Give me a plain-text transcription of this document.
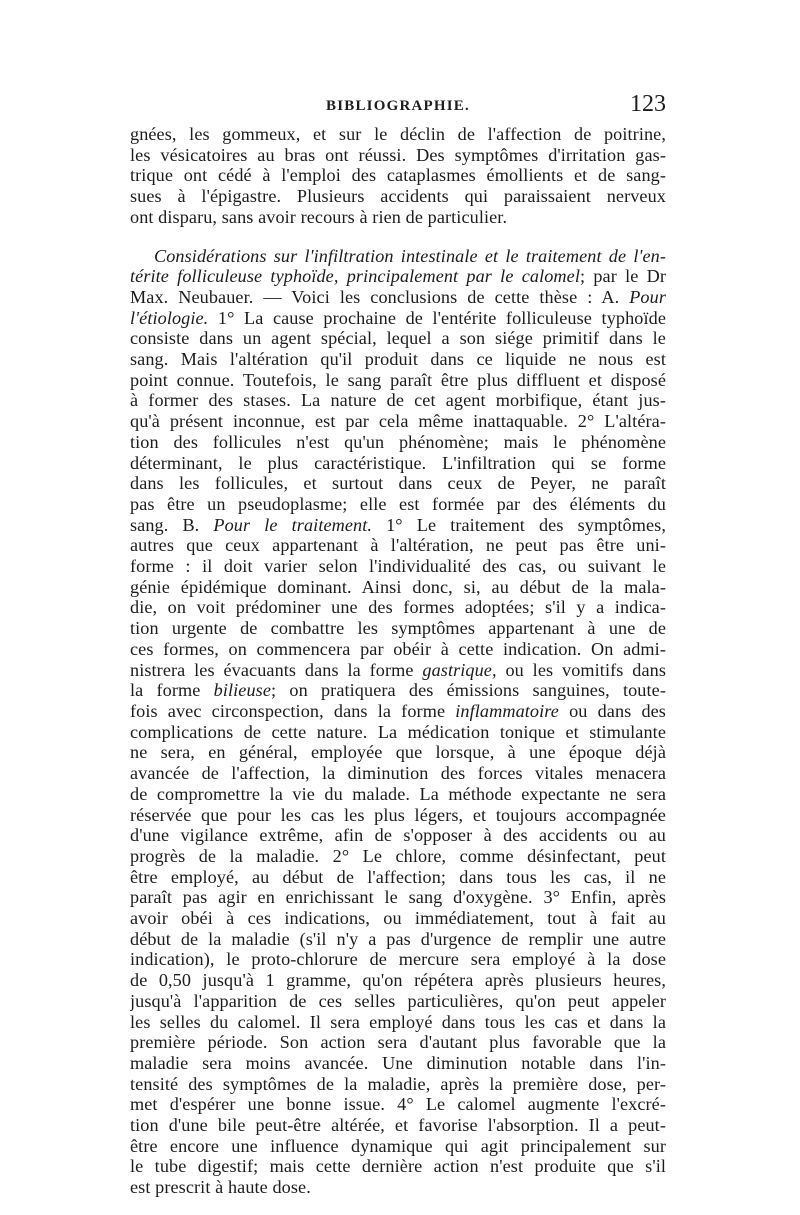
BIBLIOGRAPHIE.	123
gnées, les gommeux, et sur le déclin de l'affection de poitrine,
les vésicatoires au bras ont réussi. Des symptômes d'irritation gas-
trique ont cédé à l'emploi des cataplasmes émollients et de sang-
sues à l'épigastre. Plusieurs accidents qui paraissaient nerveux
ont disparu, sans avoir recours à rien de particulier.
Considérations sur l'infiltration intestinale et le traitement de l'en-
térite folliculeuse typhoïde, principalement par le calomel; par le Dr
Max. Neubauer. — Voici les conclusions de cette thèse : A. Pour
l'étiologie. 1° La cause prochaine de l'entérite folliculeuse typhoïde
consiste dans un agent spécial, lequel a son siége primitif dans le
sang. Mais l'altération qu'il produit dans ce liquide ne nous est
point connue. Toutefois, le sang paraît être plus diffluent et disposé
à former des stases. La nature de cet agent morbifique, étant jus-
qu'à présent inconnue, est par cela même inattaquable. 2° L'altéra-
tion des follicules n'est qu'un phénomène; mais le phénomène
déterminant, le plus caractéristique. L'infiltration qui se forme
dans les follicules, et surtout dans ceux de Peyer, ne paraît
pas être un pseudoplasme; elle est formée par des éléments du
sang. B. Pour le traitement. 1° Le traitement des symptômes,
autres que ceux appartenant à l'altération, ne peut pas être uni-
forme : il doit varier selon l'individualité des cas, ou suivant le
génie épidémique dominant. Ainsi donc, si, au début de la mala-
die, on voit prédominer une des formes adoptées; s'il y a indica-
tion urgente de combattre les symptômes appartenant à une de
ces formes, on commencera par obéir à cette indication. On admi-
nistrera les évacuants dans la forme gastrique, ou les vomitifs dans
la forme bilieuse; on pratiquera des émissions sanguines, toute-
fois avec circonspection, dans la forme inflammatoire ou dans des
complications de cette nature. La médication tonique et stimulante
ne sera, en général, employée que lorsque, à une époque déjà
avancée de l'affection, la diminution des forces vitales menacera
de compromettre la vie du malade. La méthode expectante ne sera
réservée que pour les cas les plus légers, et toujours accompagnée
d'une vigilance extrême, afin de s'opposer à des accidents ou au
progrès de la maladie. 2° Le chlore, comme désinfectant, peut
être employé, au début de l'affection; dans tous les cas, il ne
paraît pas agir en enrichissant le sang d'oxygène. 3° Enfin, après
avoir obéi à ces indications, ou immédiatement, tout à fait au
début de la maladie (s'il n'y a pas d'urgence de remplir une autre
indication), le proto-chlorure de mercure sera employé à la dose
de 0,50 jusqu'à 1 gramme, qu'on répétera après plusieurs heures,
jusqu'à l'apparition de ces selles particulières, qu'on peut appeler
les selles du calomel. Il sera employé dans tous les cas et dans la
première période. Son action sera d'autant plus favorable que la
maladie sera moins avancée. Une diminution notable dans l'in-
tensité des symptômes de la maladie, après la première dose, per-
met d'espérer une bonne issue. 4° Le calomel augmente l'excré-
tion d'une bile peut-être altérée, et favorise l'absorption. Il a peut-
être encore une influence dynamique qui agit principalement sur
le tube digestif; mais cette dernière action n'est produite que s'il
est prescrit à haute dose.
